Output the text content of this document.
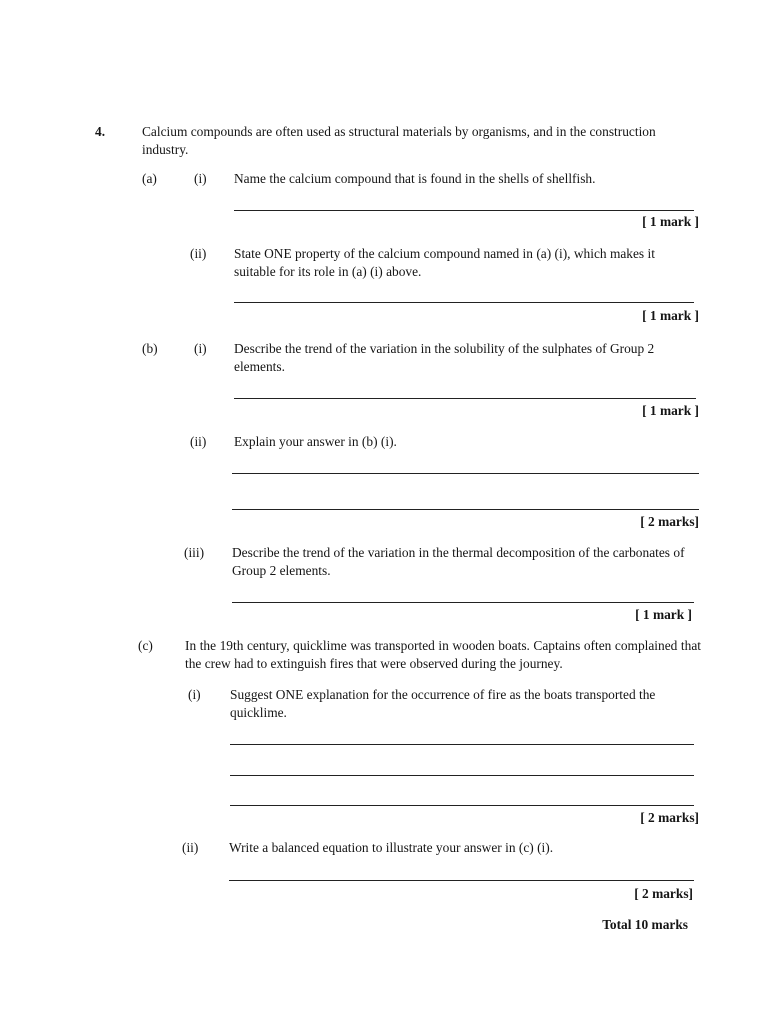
4.	Calcium compounds are often used as structural materials by organisms, and in the construction industry.
(a)	(i) Name the calcium compound that is found in the shells of shellfish.
[ 1 mark ]
(ii) State ONE property of the calcium compound named in (a) (i), which makes it suitable for its role in (a) (i) above.
[ 1 mark ]
(b)	(i) Describe the trend of the variation in the solubility of the sulphates of Group 2 elements.
[ 1 mark ]
(ii) Explain your answer in (b) (i).
[ 2 marks]
(iii) Describe the trend of the variation in the thermal decomposition of the carbonates of Group 2 elements.
[ 1 mark ]
(c) In the 19th century, quicklime was transported in wooden boats. Captains often complained that the crew had to extinguish fires that were observed during the journey.
(i) Suggest ONE explanation for the occurrence of fire as the boats transported the quicklime.
[ 2 marks]
(ii) Write a balanced equation to illustrate your answer in (c) (i).
[ 2 marks]
Total 10 marks
